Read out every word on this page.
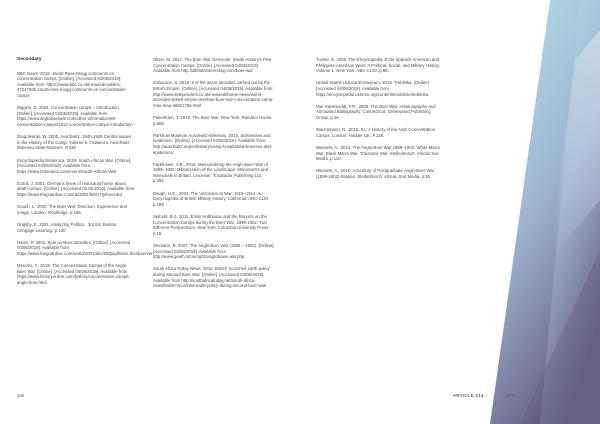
Secondary
BBC News, 2019. Jacob Rees-Mogg comments on concentration camps. [Online]. [Accessed 04/06/2019]. Available from: https://www.bbc.co.uk/news/uk-politics-47247835 Jacob-rees-mogg-comments-on-concentration-camps
Biggins, D. 2004. Concentration camps – Introduction. [Online]. [Accessed 04/06/2019]. Available from https://www.angloboerwar.com/other-information/88-concentration-camps/1812-concentration-camps-introduction
Drugoleanki, W. 2005. Auschwitz: 1940-1945 Central Issues in the History of the Camp. Volume 5. Oswiecim: Auschwitz-Birkenau State Museum. P.230
Encyclopædia Britannica. 2019. South African War. [Online]. [Accessed 04/06/2019]. Available from: https://www.britannica.com/event/South-African-War
Ezard, J. 2001. Germans knew of Holocaust horror about death camps. [Online]. [Accessed 04.06.2019]. Available from https://www.theguardian.com/uk/2001/feb/17/johnezard
Gooch, L. 2000. The Boer War: Direction, Experience and Image. London: Routledge. p.166.
Grigsby, E. 2004. Analyzing Politics . 3rd Ed. Boston: Cengage Learning. p.130.
Harris, P. 2001. Spin on Boer atrocities. [Online]. [Accessed 04/06/2019]. Available from https://www.theguardian.com/world/2001/dec/09/paulharris.theobserver
Mendes, C. 2019. The Concentration Camps of the Anglo-Boer War. [Online]. [Accessed 04/06/2019]. Available from https://www.historyonline.com/history/concentration-camps-anglo-boer.html
Oliver, M. 2017. The Boer War Genocide: Inside History's First Concentration Camps. [Online]. [Accessed 04/06/2019]. Available from http://allthatsinteresting.com/boer-war
Osbourne, S. 2016. 5 of the worst atrocities carried out by the British Empire. [Online]. [Accessed 04/06/2019]. Available from: http://www.independent.co.uk/news/uk/home-news/worst-atrocities-british-empire-amritsar-boer-war-concentration-camp-mau-mau-a6821756.html
Pakenham, T. 1979. The Boer War. New York: Random House. p.505.
Parkhow Museum Auschwitz-Birkenau. 2018. Sicknesses and epidemics. [Online]. [Accessed 04/06/2019]. Available from: http://auschwitz.org/en/history/camp-hospitals/sicknesses-and-epidemics/
Parkhouse, V.B., 2015. Memorializing the Anglo-Boer War of 1899–1902: Militarization of the Landscape: Monuments and Memorials in Britain. Leicester: Troubador Publishing Ltd. p.392.
Raugh, H.E., 2004. The Victorians at War, 1815–1914: An Encyclopedia of British Military History. California: ABC-CLIO. p.166.
Seibold, B.S. 2011. Emily Hobhouse and the Reports on the Concentration Camps during the Boer War, 1899-1902: Two Different Perspectives. New York: Columbia University Press. p.15.
Smmann, B. 2007. The Anglo Boer War (1899 – 1902). [Online]. [Accessed 04/06/2019]. Available from http://www.geeth.info/eng01/anglobowe war.php
South Africa Today News. 2015. British 'scorched earth policy' during Second Boer War. [Online]. [Accessed 04/06/2019]. Available from http://southafricatoday.net/south-africa-news/british-scorched-earth-policy-during-second-boer-war/
106
Tucker, S. 2009. The Encyclopedia of the Spanish-American and Philippine-American Wars: A Political, Social, and Military History, Volume 1. New York: ABC-CLIO. p.88.
United States Holocaust Museum. 2019. Treblinka. [Online]. [Accessed 04/06/2019]. Available from https://encyclopedia.ushmm.org/content/en/article/treblinka
Van Hartesveldt, F.R., 2000. The Boer War: Historiography and Annotated Bibliography. Connecticut: Greenwood Publishing Group. p.16
Wachsmann, N., 2015. KL: A History of the Nazi Concentration Camps. London: Hodder UK. P.128.
Wessels, A., 2010. The Anglo-Boer War 1889–1902: White Man's War, Black Man's War, Traumatic War. Stellenbosch: African Sun Media. p.110.
Wessels, A., 2010. A Century of Postgraduate Anglo-Boer War (1899-1902) Studies. Stellenbosch: African Sun Media. p.36.
ARTICLE 014	107
